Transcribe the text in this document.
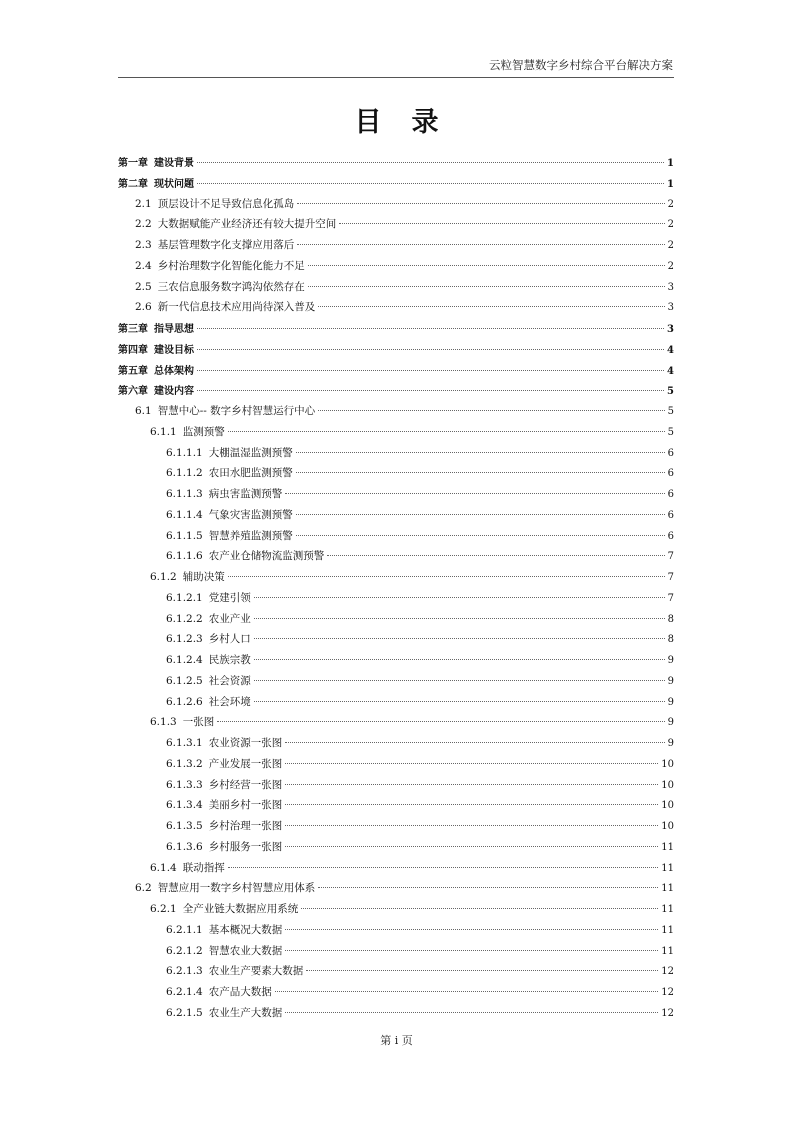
云粒智慧数字乡村综合平台解决方案
目录
第一章 建设背景	1
第二章 现状问题	1
2.1 顶层设计不足导致信息化孤岛	2
2.2 大数据赋能产业经济还有较大提升空间	2
2.3 基层管理数字化支撑应用落后	2
2.4 乡村治理数字化智能化能力不足	2
2.5 三农信息服务数字鸿沟依然存在	3
2.6 新一代信息技术应用尚待深入普及	3
第三章 指导思想	3
第四章 建设目标	4
第五章 总体架构	4
第六章 建设内容	5
6.1 智慧中心-- 数字乡村智慧运行中心	5
6.1.1 监测预警	5
6.1.1.1 大棚温湿监测预警	6
6.1.1.2 农田水肥监测预警	6
6.1.1.3 病虫害监测预警	6
6.1.1.4 气象灾害监测预警	6
6.1.1.5 智慧养殖监测预警	6
6.1.1.6 农产业仓储物流监测预警	7
6.1.2 辅助决策	7
6.1.2.1 党建引领	7
6.1.2.2 农业产业	8
6.1.2.3 乡村人口	8
6.1.2.4 民族宗教	9
6.1.2.5 社会资源	9
6.1.2.6 社会环境	9
6.1.3 一张图	9
6.1.3.1 农业资源一张图	9
6.1.3.2 产业发展一张图	10
6.1.3.3 乡村经营一张图	10
6.1.3.4 美丽乡村一张图	10
6.1.3.5 乡村治理一张图	10
6.1.3.6 乡村服务一张图	11
6.1.4 联动指挥	11
6.2 智慧应用一数字乡村智慧应用体系	11
6.2.1 全产业链大数据应用系统	11
6.2.1.1 基本概况大数据	11
6.2.1.2 智慧农业大数据	11
6.2.1.3 农业生产要素大数据	12
6.2.1.4 农产品大数据	12
6.2.1.5 农业生产大数据	12
第 i 页
